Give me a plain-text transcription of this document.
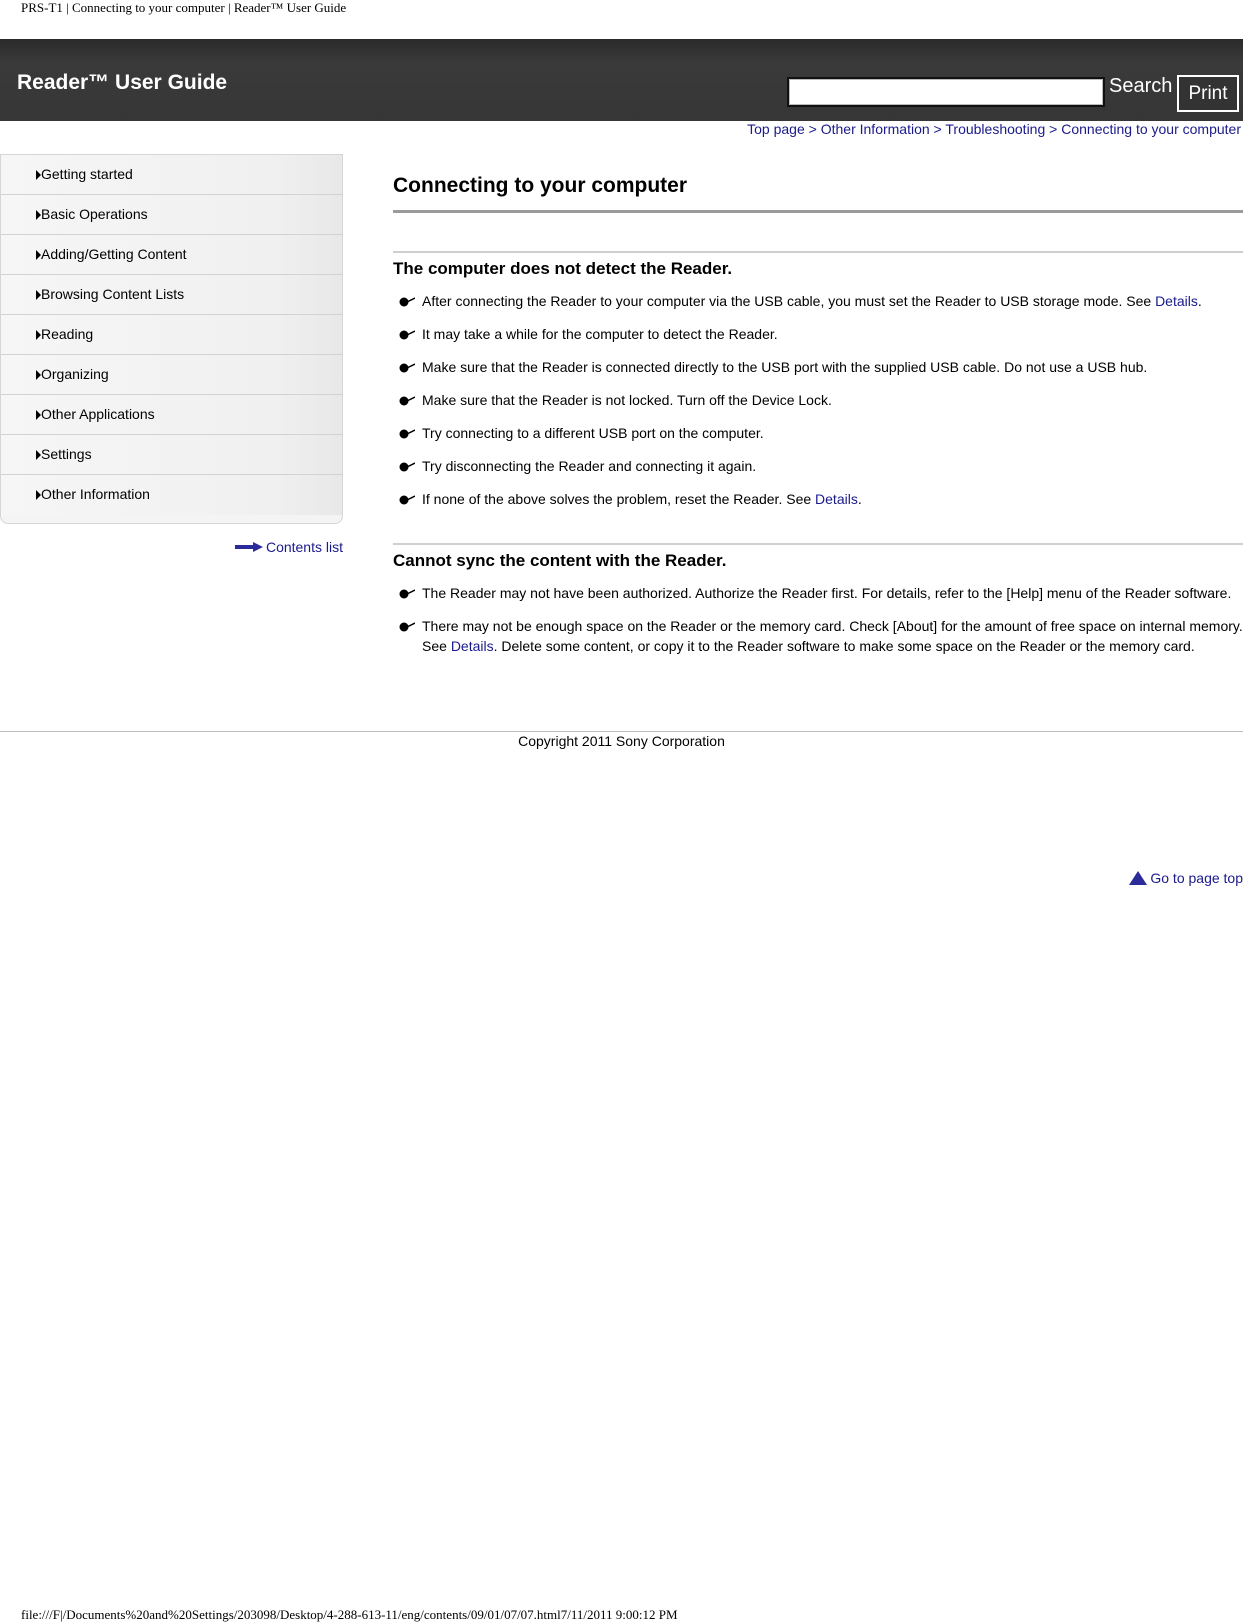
PRS-T1 | Connecting to your computer | Reader™ User Guide
Reader™ User Guide	Search Print
Top page > Other Information > Troubleshooting > Connecting to your computer
Getting started
Basic Operations
Adding/Getting Content
Browsing Content Lists
Reading
Organizing
Other Applications
Settings
Other Information
Contents list
Connecting to your computer
The computer does not detect the Reader.
After connecting the Reader to your computer via the USB cable, you must set the Reader to USB storage mode. See Details.
It may take a while for the computer to detect the Reader.
Make sure that the Reader is connected directly to the USB port with the supplied USB cable. Do not use a USB hub.
Make sure that the Reader is not locked. Turn off the Device Lock.
Try connecting to a different USB port on the computer.
Try disconnecting the Reader and connecting it again.
If none of the above solves the problem, reset the Reader. See Details.
Cannot sync the content with the Reader.
The Reader may not have been authorized. Authorize the Reader first. For details, refer to the [Help] menu of the Reader software.
There may not be enough space on the Reader or the memory card. Check [About] for the amount of free space on internal memory. See Details. Delete some content, or copy it to the Reader software to make some space on the Reader or the memory card.
Go to page top
Copyright 2011 Sony Corporation
file:///F|/Documents%20and%20Settings/203098/Desktop/4-288-613-11/eng/contents/09/01/07/07.html7/11/2011 9:00:12 PM
